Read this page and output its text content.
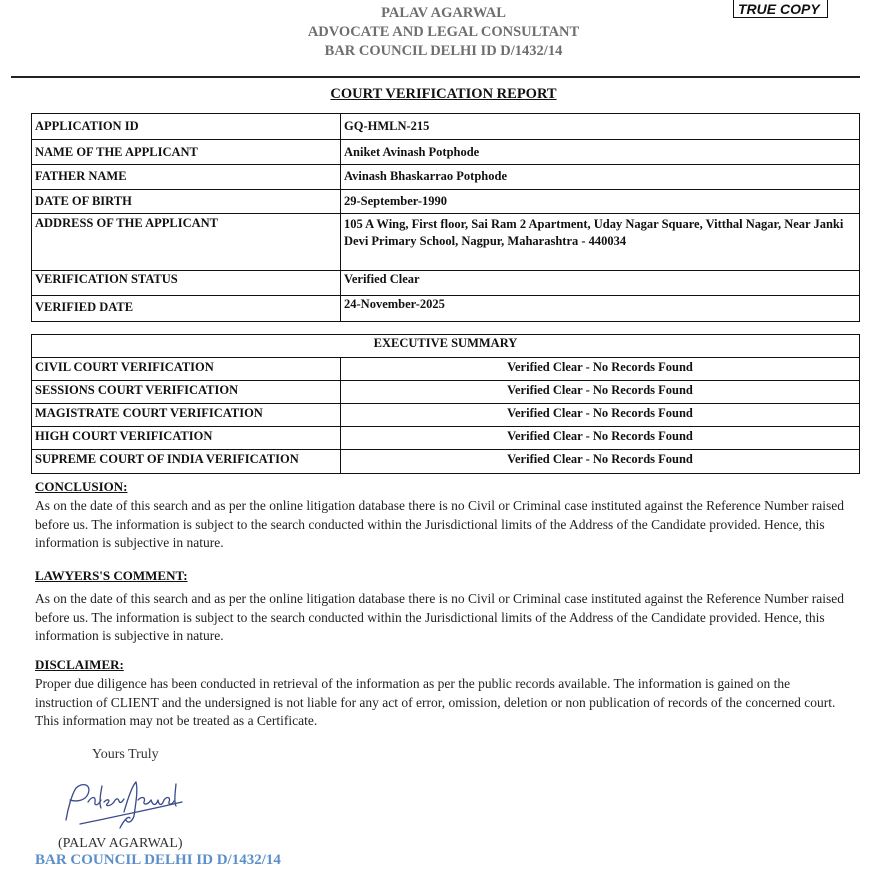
PALAV AGARWAL
ADVOCATE AND LEGAL CONSULTANT
BAR COUNCIL DELHI ID D/1432/14
TRUE COPY
COURT VERIFICATION REPORT
APPLICATION ID	GQ-HMLN-215
NAME OF THE APPLICANT	Aniket Avinash Potphode
FATHER NAME	Avinash Bhaskarrao Potphode
DATE OF BIRTH	29-September-1990
ADDRESS OF THE APPLICANT	105 A Wing, First floor, Sai Ram 2 Apartment, Uday Nagar Square, Vitthal Nagar, Near Janki Devi Primary School, Nagpur, Maharashtra - 440034
VERIFICATION STATUS	Verified Clear
VERIFIED DATE	24-November-2025
EXECUTIVE SUMMARY	
CIVIL COURT VERIFICATION	Verified Clear - No Records Found
SESSIONS COURT VERIFICATION	Verified Clear - No Records Found
MAGISTRATE COURT VERIFICATION	Verified Clear - No Records Found
HIGH COURT VERIFICATION	Verified Clear - No Records Found
SUPREME COURT OF INDIA VERIFICATION	Verified Clear - No Records Found
CONCLUSION:
As on the date of this search and as per the online litigation database there is no Civil or Criminal case instituted against the Reference Number raised before us. The information is subject to the search conducted within the Jurisdictional limits of the Address of the Candidate provided. Hence, this information is subjective in nature.
LAWYERS'S COMMENT:
As on the date of this search and as per the online litigation database there is no Civil or Criminal case instituted against the Reference Number raised before us. The information is subject to the search conducted within the Jurisdictional limits of the Address of the Candidate provided. Hence, this information is subjective in nature.
DISCLAIMER:
Proper due diligence has been conducted in retrieval of the information as per the public records available. The information is gained on the instruction of CLIENT and the undersigned is not liable for any act of error, omission, deletion or non publication of records of the concerned court. This information may not be treated as a Certificate.
Yours Truly
(PALAV AGARWAL)
BAR COUNCIL DELHI ID D/1432/14
